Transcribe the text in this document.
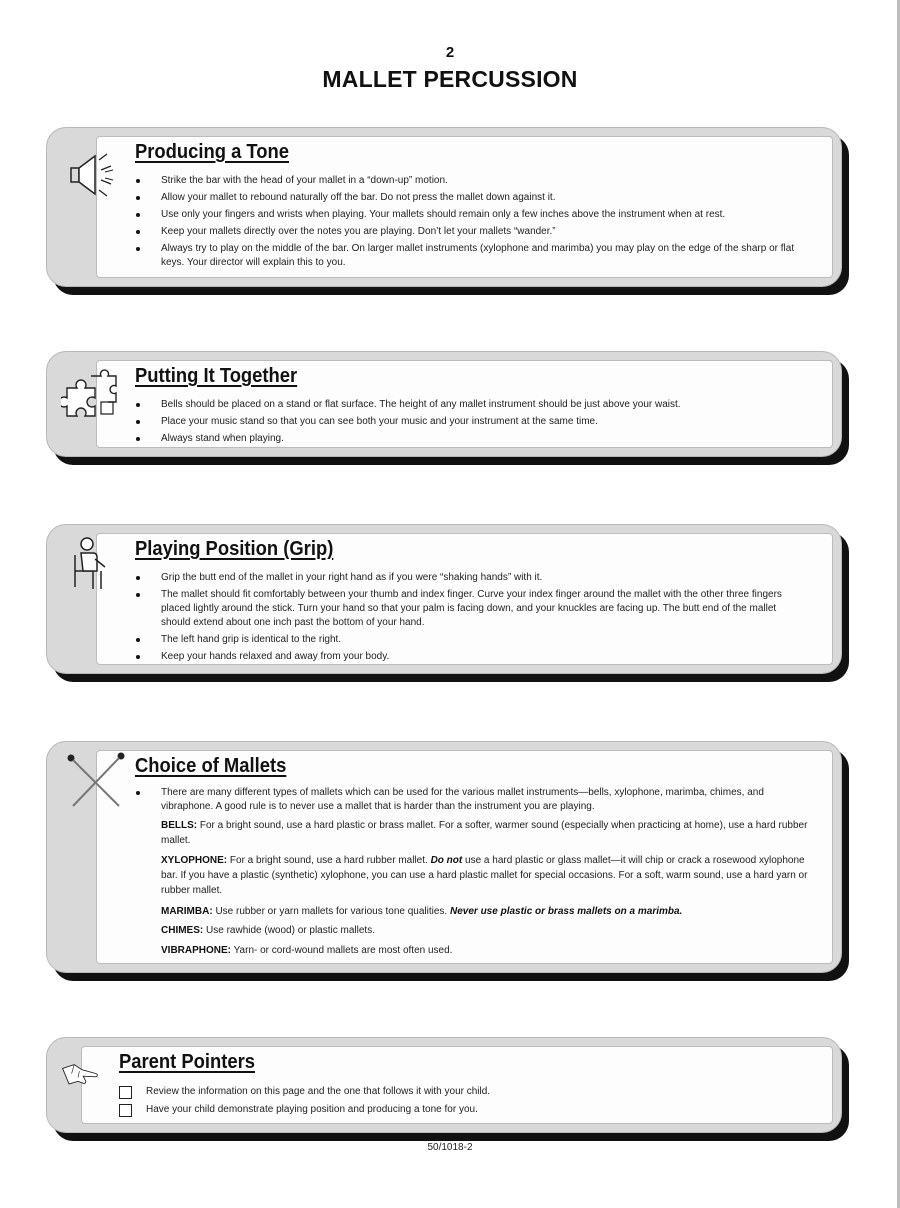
2
MALLET PERCUSSION
Producing a Tone
Strike the bar with the head of your mallet in a “down-up” motion.
Allow your mallet to rebound naturally off the bar. Do not press the mallet down against it.
Use only your fingers and wrists when playing. Your mallets should remain only a few inches above the instrument when at rest.
Keep your mallets directly over the notes you are playing. Don’t let your mallets “wander.”
Always try to play on the middle of the bar. On larger mallet instruments (xylophone and marimba) you may play on the edge of the sharp or flat keys. Your director will explain this to you.
Putting It Together
Bells should be placed on a stand or flat surface. The height of any mallet instrument should be just above your waist.
Place your music stand so that you can see both your music and your instrument at the same time.
Always stand when playing.
Playing Position (Grip)
Grip the butt end of the mallet in your right hand as if you were “shaking hands” with it.
The mallet should fit comfortably between your thumb and index finger. Curve your index finger around the mallet with the other three fingers placed lightly around the stick. Turn your hand so that your palm is facing down, and your knuckles are facing up. The butt end of the mallet should extend about one inch past the bottom of your hand.
The left hand grip is identical to the right.
Keep your hands relaxed and away from your body.
Choice of Mallets
There are many different types of mallets which can be used for the various mallet instruments—bells, xylophone, marimba, chimes, and vibraphone. A good rule is to never use a mallet that is harder than the instrument you are playing.

BELLS: For a bright sound, use a hard plastic or brass mallet. For a softer, warmer sound (especially when practicing at home), use a hard rubber mallet.

XYLOPHONE: For a bright sound, use a hard rubber mallet. Do not use a hard plastic or glass mallet—it will chip or crack a rosewood xylophone bar. If you have a plastic (synthetic) xylophone, you can use a hard plastic mallet for special occasions. For a soft, warm sound, use a hard yarn or rubber mallet.

MARIMBA: Use rubber or yarn mallets for various tone qualities. Never use plastic or brass mallets on a marimba.

CHIMES: Use rawhide (wood) or plastic mallets.

VIBRAPHONE: Yarn- or cord-wound mallets are most often used.

Parent Pointers
Review the information on this page and the one that follows it with your child.
Have your child demonstrate playing position and producing a tone for you.
50/1018-2
